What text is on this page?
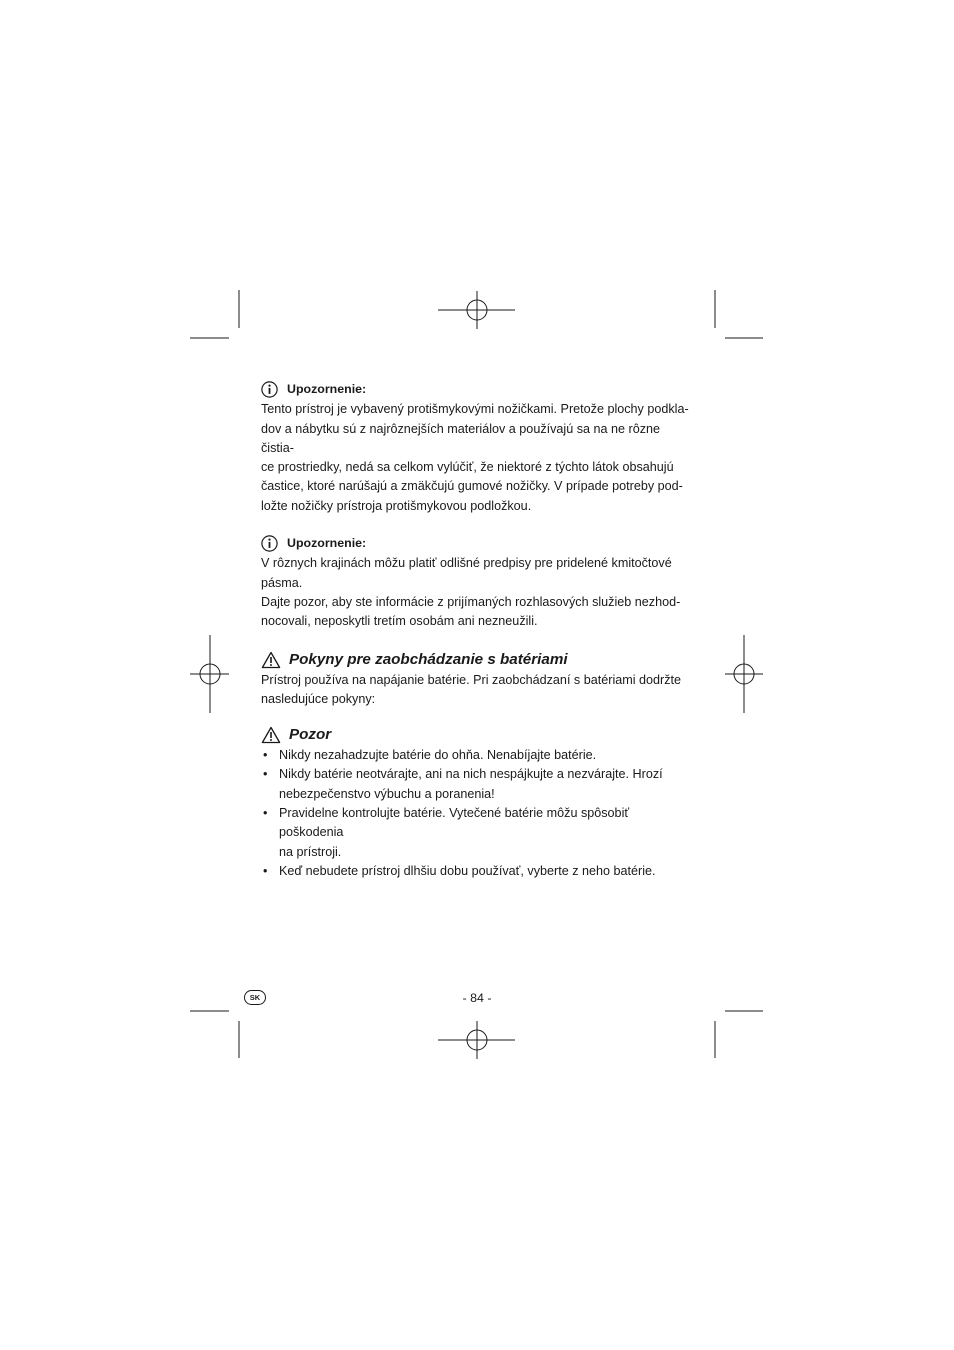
Upozornenie:

Tento prístroj je vybavený protišmykovými nožičkami. Pretože plochy podkla-
dov a nábytku sú z najrôznejších materiálov a používajú sa na ne rôzne čistia-
ce prostriedky, nedá sa celkom vylúčiť, že niektoré z týchto látok obsahujú
častice, ktoré narúšajú a zmäkčujú gumové nožičky. V prípade potreby pod-
ložte nožičky prístroja protišmykovou podložkou.

Upozornenie:

V rôznych krajinách môžu platiť odlišné predpisy pre pridelené kmitočtové
pásma.
Dajte pozor, aby ste informácie z prijímaných rozhlasových služieb nezhod-
nocovali, neposkytli tretím osobám ani nezneužili.

Pokyny pre zaobchádzanie s batériami

Prístroj používa na napájanie batérie. Pri zaobchádzaní s batériami dodržte
nasledujúce pokyny:

Pozor
• Nikdy nezahadzujte batérie do ohňa. Nenabíjajte batérie.
• Nikdy batérie neotvárajte, ani na nich nespájkujte a nezvárajte. Hrozí
nebezpečenstvo výbuchu a poranenia!
• Pravidelne kontrolujte batérie. Vytečené batérie môžu spôsobiť poškodenia
na prístroji.
• Keď nebudete prístroj dlhšiu dobu používať, vyberte z neho batérie.
SK	- 84 -
